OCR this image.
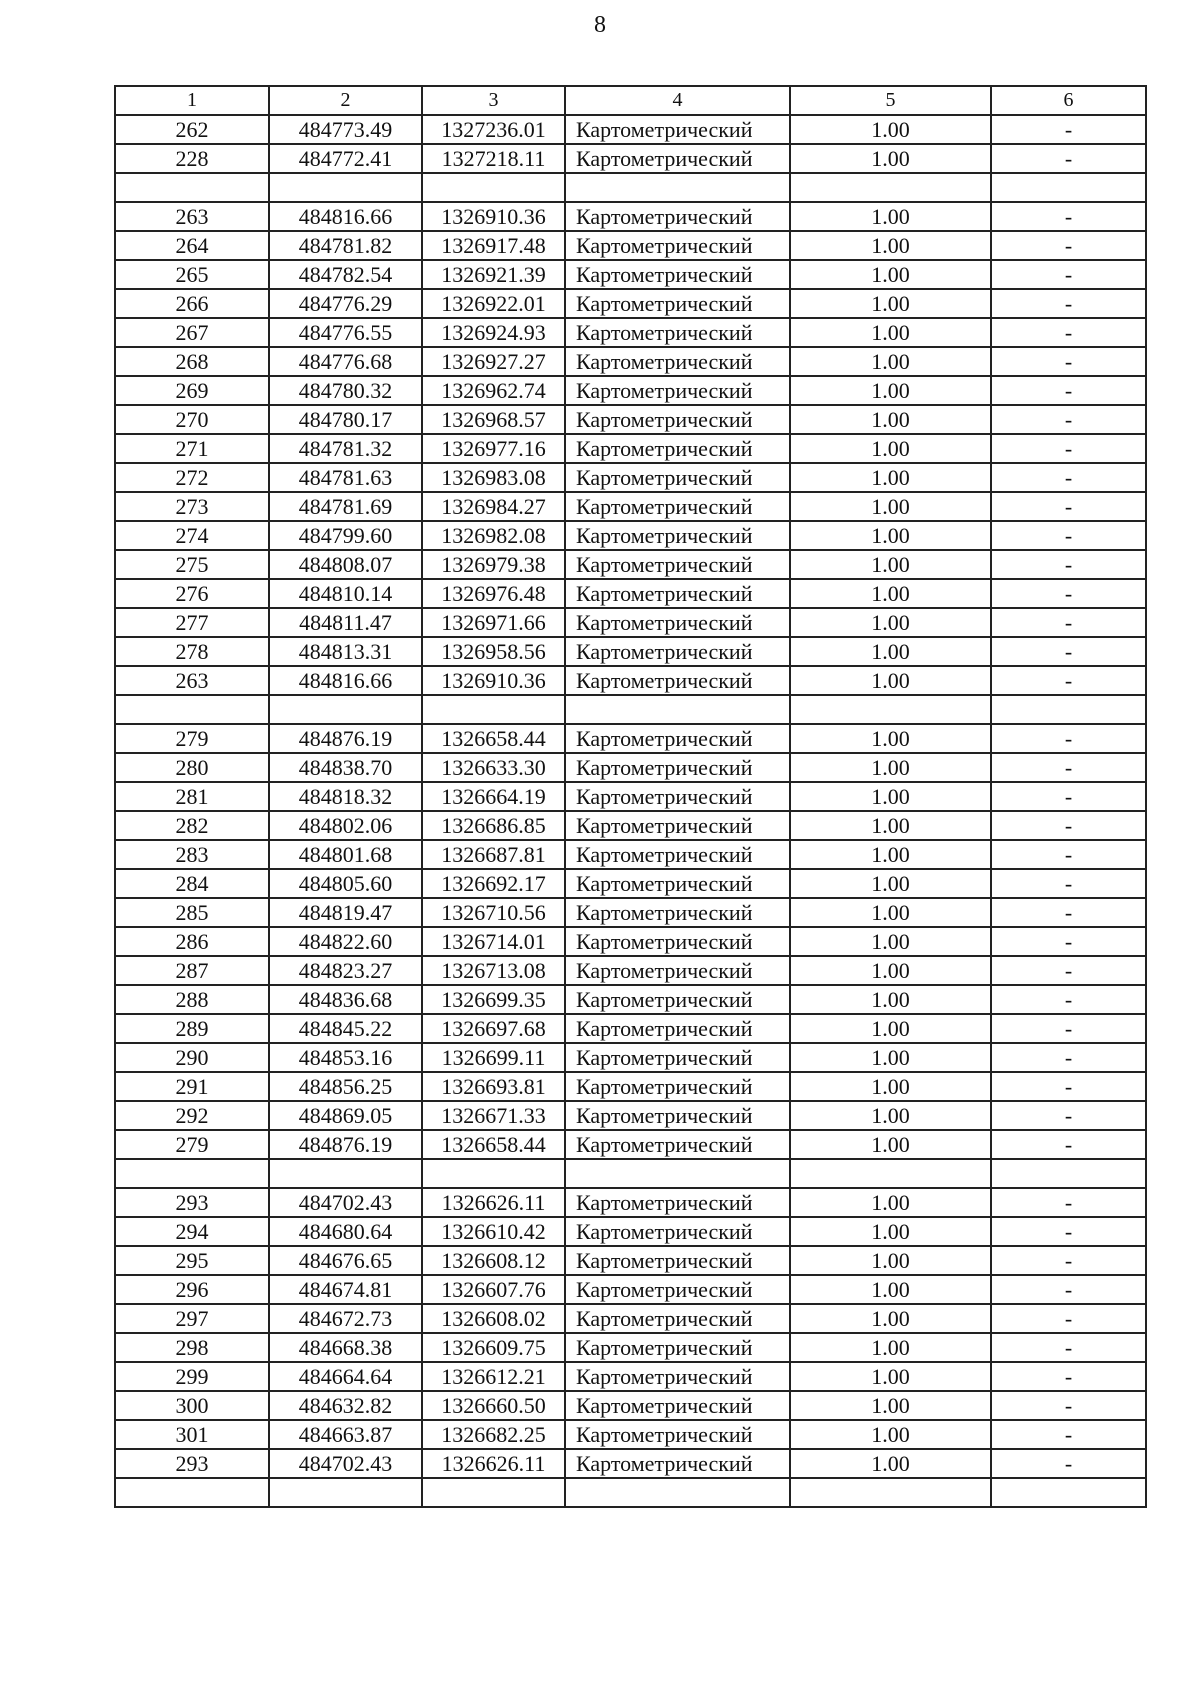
8
1	2	3	4	5	6
262	484773.49	1327236.01	Картометрический	1.00	-
228	484772.41	1327218.11	Картометрический	1.00	-

263	484816.66	1326910.36	Картометрический	1.00	-
264	484781.82	1326917.48	Картометрический	1.00	-
265	484782.54	1326921.39	Картометрический	1.00	-
266	484776.29	1326922.01	Картометрический	1.00	-
267	484776.55	1326924.93	Картометрический	1.00	-
268	484776.68	1326927.27	Картометрический	1.00	-
269	484780.32	1326962.74	Картометрический	1.00	-
270	484780.17	1326968.57	Картометрический	1.00	-
271	484781.32	1326977.16	Картометрический	1.00	-
272	484781.63	1326983.08	Картометрический	1.00	-
273	484781.69	1326984.27	Картометрический	1.00	-
274	484799.60	1326982.08	Картометрический	1.00	-
275	484808.07	1326979.38	Картометрический	1.00	-
276	484810.14	1326976.48	Картометрический	1.00	-
277	484811.47	1326971.66	Картометрический	1.00	-
278	484813.31	1326958.56	Картометрический	1.00	-
263	484816.66	1326910.36	Картометрический	1.00	-

279	484876.19	1326658.44	Картометрический	1.00	-
280	484838.70	1326633.30	Картометрический	1.00	-
281	484818.32	1326664.19	Картометрический	1.00	-
282	484802.06	1326686.85	Картометрический	1.00	-
283	484801.68	1326687.81	Картометрический	1.00	-
284	484805.60	1326692.17	Картометрический	1.00	-
285	484819.47	1326710.56	Картометрический	1.00	-
286	484822.60	1326714.01	Картометрический	1.00	-
287	484823.27	1326713.08	Картометрический	1.00	-
288	484836.68	1326699.35	Картометрический	1.00	-
289	484845.22	1326697.68	Картометрический	1.00	-
290	484853.16	1326699.11	Картометрический	1.00	-
291	484856.25	1326693.81	Картометрический	1.00	-
292	484869.05	1326671.33	Картометрический	1.00	-
279	484876.19	1326658.44	Картометрический	1.00	-

293	484702.43	1326626.11	Картометрический	1.00	-
294	484680.64	1326610.42	Картометрический	1.00	-
295	484676.65	1326608.12	Картометрический	1.00	-
296	484674.81	1326607.76	Картометрический	1.00	-
297	484672.73	1326608.02	Картометрический	1.00	-
298	484668.38	1326609.75	Картометрический	1.00	-
299	484664.64	1326612.21	Картометрический	1.00	-
300	484632.82	1326660.50	Картометрический	1.00	-
301	484663.87	1326682.25	Картометрический	1.00	-
293	484702.43	1326626.11	Картометрический	1.00	-
